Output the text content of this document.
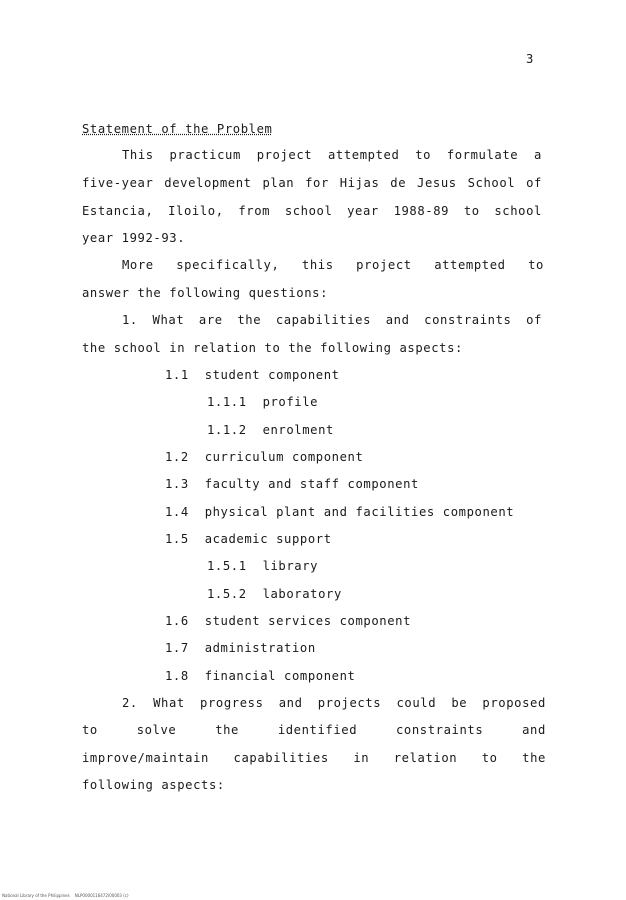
3
Statement of the Problem
This practicum project attempted to formulate a
five-year development plan for Hijas de Jesus School of
Estancia, Iloilo, from school year 1988-89 to school
year 1992-93.
More specifically, this project attempted to
answer the following questions:
1. What are the capabilities and constraints of
the school in relation to the following aspects:
1.1 student component
1.1.1 profile
1.1.2 enrolment
1.2 curriculum component
1.3 faculty and staff component
1.4 physical plant and facilities component
1.5 academic support
1.5.1 library
1.5.2 laboratory
1.6 student services component
1.7 administration
1.8 financial component
2. What progress and projects could be proposed
to	solve	the	identified	constraints	and
improve/maintain capabilities in relation to the
following aspects:
National Library of the Philippines    NLP0000116472/00003 (c)
